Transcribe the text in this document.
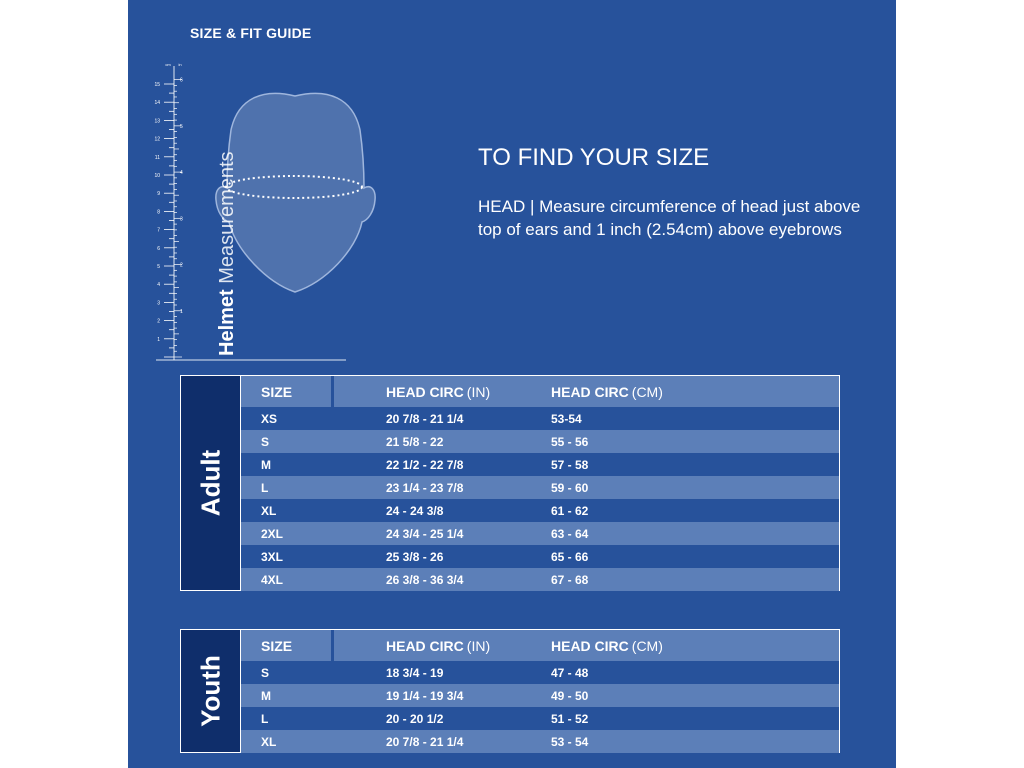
SIZE & FIT GUIDE
1
2
3
4
5
6
7
8
9
10
11
12
13
14
15
1
2
3
4
5
6
cm in
Helmet Measurements	TO FIND YOUR SIZE
HEAD | Measure circumference of head just above top of ears and 1 inch (2.54cm) above eyebrows
Adult
SIZE	HEAD CIRC (IN)	HEAD CIRC (CM)
XS	20 7/8 - 21 1/4	53-54
S	21 5/8 - 22	55 - 56
M	22 1/2 - 22 7/8	57 - 58
L	23 1/4 - 23 7/8	59 - 60
XL	24 - 24 3/8	61 - 62
2XL	24 3/4 - 25 1/4	63 - 64
3XL	25 3/8 - 26	65 - 66
4XL	26 3/8 - 36 3/4	67 - 68
Youth
SIZE	HEAD CIRC (IN)	HEAD CIRC (CM)
S	18 3/4 - 19	47 - 48
M	19 1/4 - 19 3/4	49 - 50
L	20 - 20 1/2	51 - 52
XL	20 7/8 - 21 1/4	53 - 54
